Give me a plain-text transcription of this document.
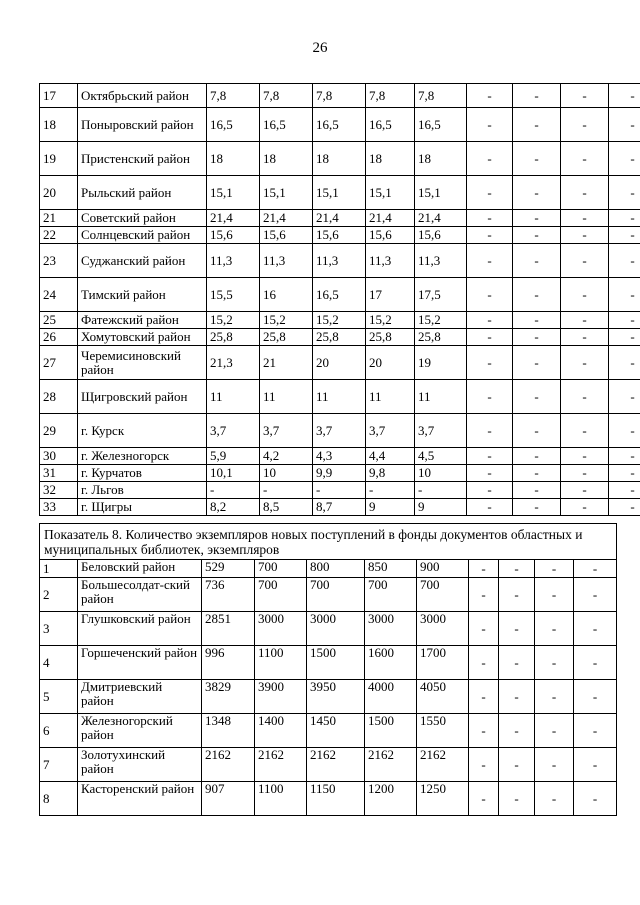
26
17	Октябрьский район	7,8	7,8	7,8	7,8	7,8	-	-	-	-
18	Поныровский район	16,5	16,5	16,5	16,5	16,5	-	-	-	-
19	Пристенский район	18	18	18	18	18	-	-	-	-
20	Рыльский район	15,1	15,1	15,1	15,1	15,1	-	-	-	-
21	Советский район	21,4	21,4	21,4	21,4	21,4	-	-	-	-
22	Солнцевский район	15,6	15,6	15,6	15,6	15,6	-	-	-	-
23	Суджанский район	11,3	11,3	11,3	11,3	11,3	-	-	-	-
24	Тимский район	15,5	16	16,5	17	17,5	-	-	-	-
25	Фатежский район	15,2	15,2	15,2	15,2	15,2	-	-	-	-
26	Хомутовский район	25,8	25,8	25,8	25,8	25,8	-	-	-	-
27	Черемисиновский район	21,3	21	20	20	19	-	-	-	-
28	Щигровский район	11	11	11	11	11	-	-	-	-
29	г. Курск	3,7	3,7	3,7	3,7	3,7	-	-	-	-
30	г. Железногорск	5,9	4,2	4,3	4,4	4,5	-	-	-	-
31	г. Курчатов	10,1	10	9,9	9,8	10	-	-	-	-
32	г. Льгов	-	-	-	-	-	-	-	-	-
33	г. Щигры	8,2	8,5	8,7	9	9	-	-	-	-
Показатель 8. Количество экземпляров новых поступлений в фонды документов областных и муниципальных библиотек, экземпляров										
1	Беловский район	529	700	800	850	900	-	-	-	-
2	Большесолдат-ский район	736	700	700	700	700	-	-	-	-
3	Глушковский район	2851	3000	3000	3000	3000	-	-	-	-
4	Горшеченский район	996	1100	1500	1600	1700	-	-	-	-
5	Дмитриевский район	3829	3900	3950	4000	4050	-	-	-	-
6	Железногорский район	1348	1400	1450	1500	1550	-	-	-	-
7	Золотухинский район	2162	2162	2162	2162	2162	-	-	-	-
8	Касторенский район	907	1100	1150	1200	1250	-	-	-	-
